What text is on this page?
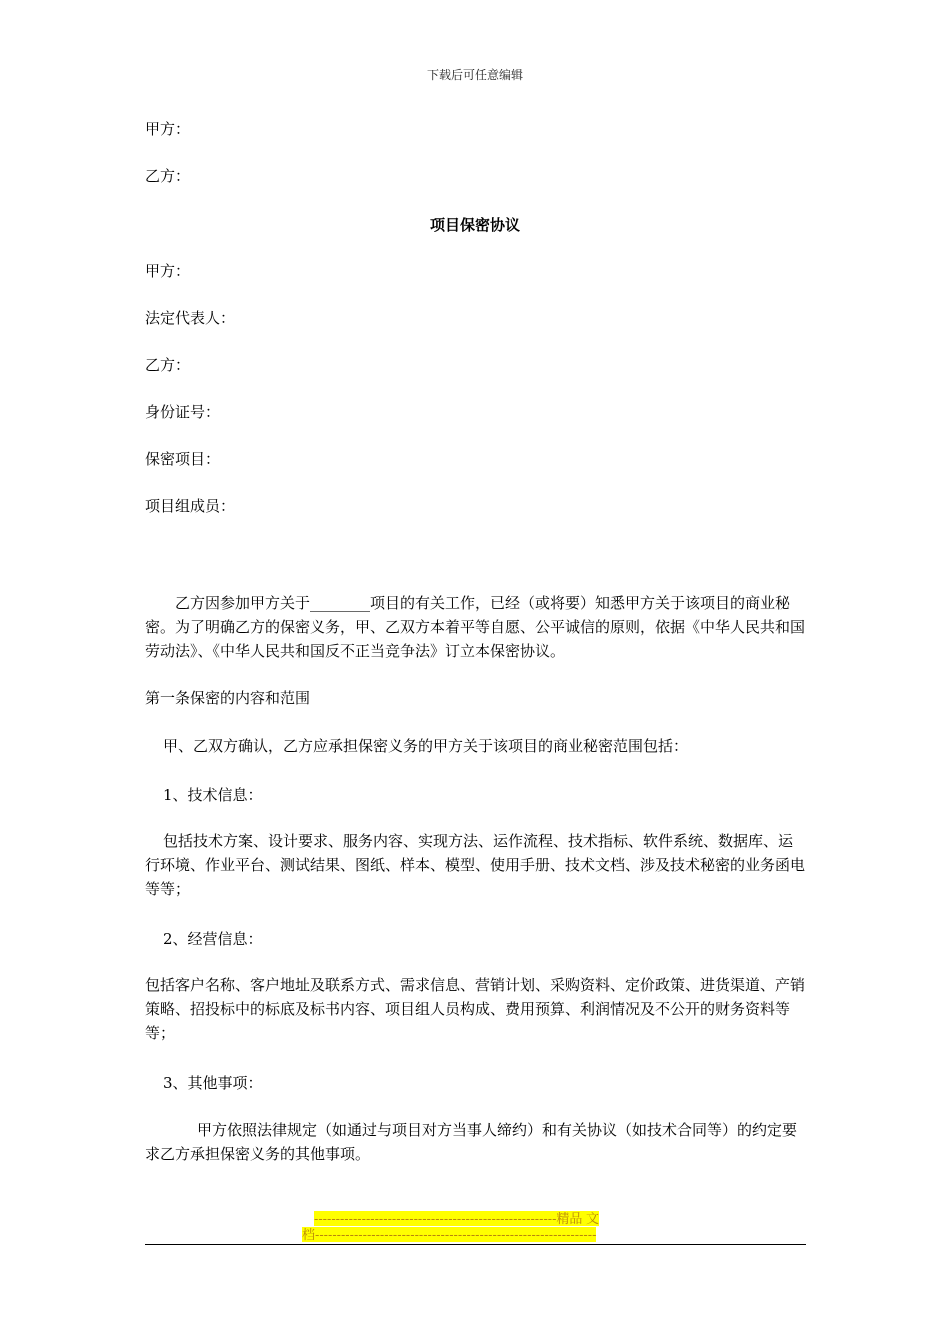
下载后可任意编辑
甲方：
乙方：
项目保密协议
甲方：
法定代表人：
乙方：
身份证号：
保密项目：
项目组成员：
乙方因参加甲方关于________项目的有关工作，已经（或将要）知悉甲方关于该项目的商业秘密。为了明确乙方的保密义务，甲、乙双方本着平等自愿、公平诚信的原则，依据《中华人民共和国劳动法》、《中华人民共和国反不正当竞争法》订立本保密协议。
第一条保密的内容和范围
甲、乙双方确认，乙方应承担保密义务的甲方关于该项目的商业秘密范围包括：
1、技术信息：
包括技术方案、设计要求、服务内容、实现方法、运作流程、技术指标、软件系统、数据库、运行环境、作业平台、测试结果、图纸、样本、模型、使用手册、技术文档、涉及技术秘密的业务函电等等；
2、经营信息：
包括客户名称、客户地址及联系方式、需求信息、营销计划、采购资料、定价政策、进货渠道、产销策略、招投标中的标底及标书内容、项目组人员构成、费用预算、利润情况及不公开的财务资料等等；
3、其他事项：
甲方依照法律规定（如通过与项目对方当事人缔约）和有关协议（如技术合同等）的约定要求乙方承担保密义务的其他事项。
--------------------------------------------------------精品 文
档-----------------------------------------------------------------
